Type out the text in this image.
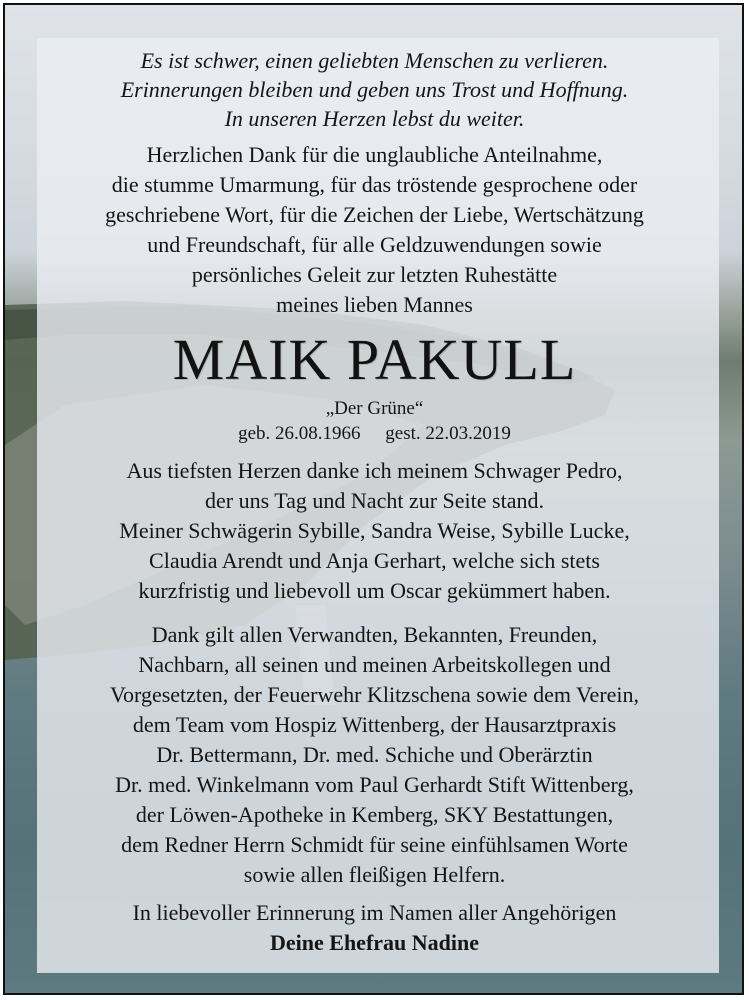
Es ist schwer, einen geliebten Menschen zu verlieren.
Erinnerungen bleiben und geben uns Trost und Hoffnung.
In unseren Herzen lebst du weiter.
Herzlichen Dank für die unglaubliche Anteilnahme,
die stumme Umarmung, für das tröstende gesprochene oder
geschriebene Wort, für die Zeichen der Liebe, Wertschätzung
und Freundschaft, für alle Geldzuwendungen sowie
persönliches Geleit zur letzten Ruhestätte
meines lieben Mannes
MAIK PAKULL
„Der Grüne“
geb. 26.08.1966 gest. 22.03.2019
Aus tiefsten Herzen danke ich meinem Schwager Pedro,
der uns Tag und Nacht zur Seite stand.
Meiner Schwägerin Sybille, Sandra Weise, Sybille Lucke,
Claudia Arendt und Anja Gerhart, welche sich stets
kurzfristig und liebevoll um Oscar gekümmert haben.
Dank gilt allen Verwandten, Bekannten, Freunden,
Nachbarn, all seinen und meinen Arbeitskollegen und
Vorgesetzten, der Feuerwehr Klitzschena sowie dem Verein,
dem Team vom Hospiz Wittenberg, der Hausarztpraxis
Dr. Bettermann, Dr. med. Schiche und Oberärztin
Dr. med. Winkelmann vom Paul Gerhardt Stift Wittenberg,
der Löwen-Apotheke in Kemberg, SKY Bestattungen,
dem Redner Herrn Schmidt für seine einfühlsamen Worte
sowie allen fleißigen Helfern.
In liebevoller Erinnerung im Namen aller Angehörigen
Deine Ehefrau Nadine
